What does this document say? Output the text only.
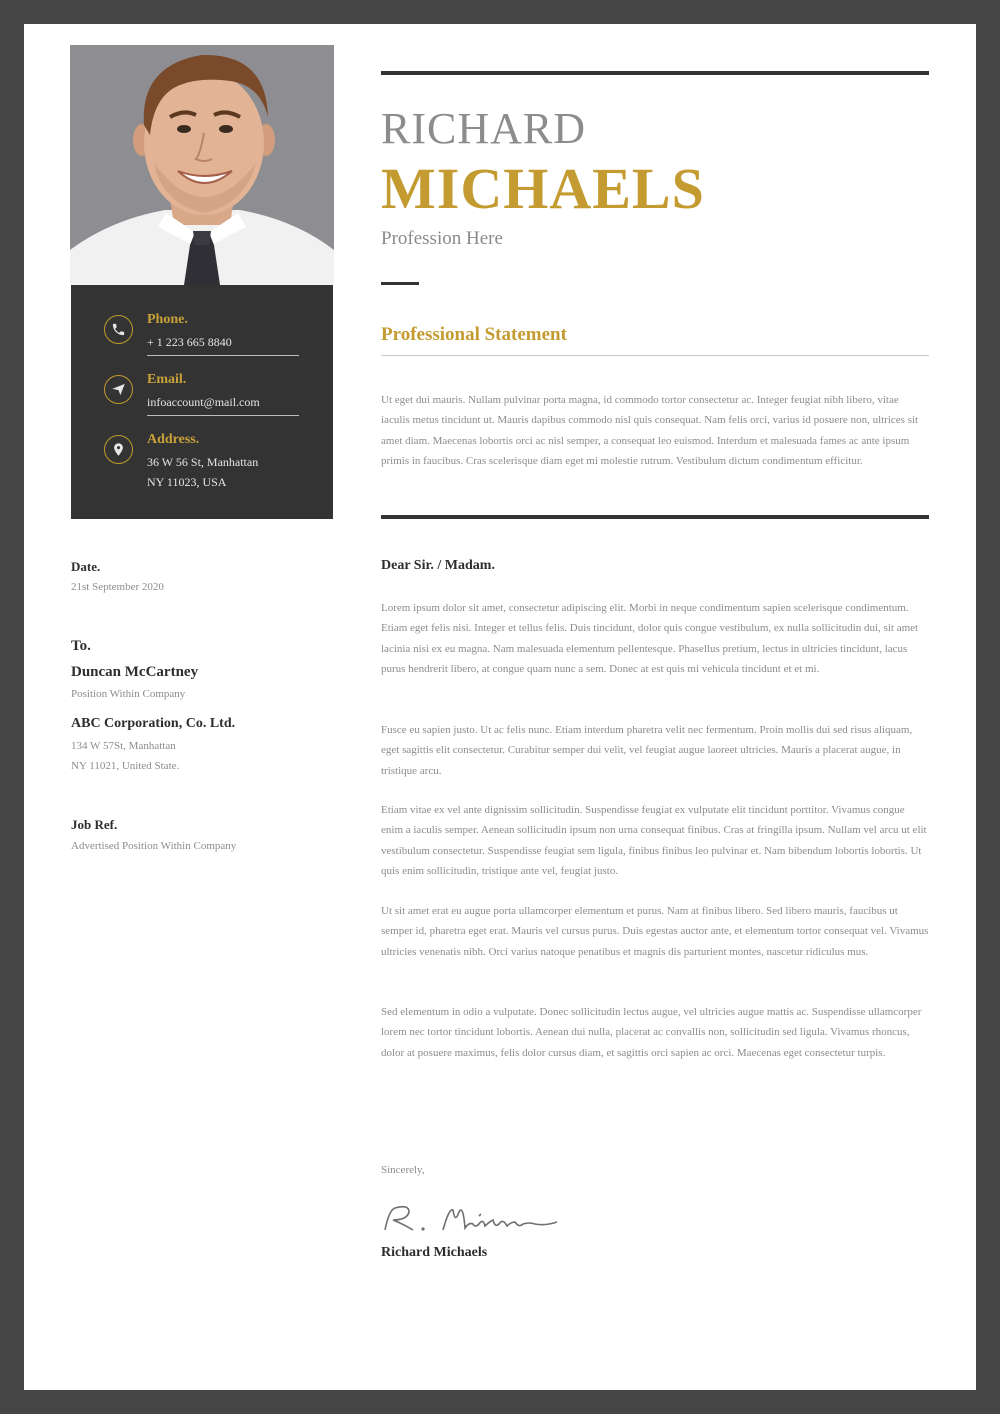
Phone.
+ 1 223 665 8840
Email.
infoaccount@mail.com
Address.
36 W 56 St, Manhattan
NY 11023, USA
RICHARD
MICHAELS
Profession Here
Professional Statement
Ut eget dui mauris. Nullam pulvinar porta magna, id commodo tortor consectetur ac. Integer feugiat nibh libero, vitae iaculis metus tincidunt ut. Mauris dapibus commodo nisl quis consequat. Nam felis orci, varius id posuere non, ultrices sit amet diam. Maecenas lobortis orci ac nisl semper, a consequat leo euismod. Interdum et malesuada fames ac ante ipsum primis in faucibus. Cras scelerisque diam eget mi molestie rutrum. Vestibulum dictum condimentum efficitur.
Date.
21st September 2020
To.
Duncan McCartney
Position Within Company
ABC Corporation, Co. Ltd.
134 W 57St, Manhattan
NY 11021, United State.
Job Ref.
Advertised Position Within Company
Dear Sir. / Madam.

Lorem ipsum dolor sit amet, consectetur adipiscing elit. Morbi in neque condimentum sapien scelerisque condimentum. Etiam eget felis nisi. Integer et tellus felis. Duis tincidunt, dolor quis congue vestibulum, ex nulla sollicitudin dui, sit amet lacinia nisi ex eu magna. Nam malesuada elementum pellentesque. Phasellus pretium, lectus in ultricies tincidunt, lacus purus hendrerit libero, at congue quam nunc a sem. Donec at est quis mi vehicula tincidunt et et mi.

Fusce eu sapien justo. Ut ac felis nunc. Etiam interdum pharetra velit nec fermentum. Proin mollis dui sed risus aliquam, eget sagittis elit consectetur. Curabitur semper dui velit, vel feugiat augue laoreet ultricies. Mauris a placerat augue, in tristique arcu.

Etiam vitae ex vel ante dignissim sollicitudin. Suspendisse feugiat ex vulputate elit tincidunt porttitor. Vivamus congue enim a iaculis semper. Aenean sollicitudin ipsum non urna consequat finibus. Cras at fringilla ipsum. Nullam vel arcu ut elit vestibulum consectetur. Suspendisse feugiat sem ligula, finibus finibus leo pulvinar et. Nam bibendum lobortis lobortis. Ut quis enim sollicitudin, tristique ante vel, feugiat justo.

Ut sit amet erat eu augue porta ullamcorper elementum et purus. Nam at finibus libero. Sed libero mauris, faucibus ut semper id, pharetra eget erat. Mauris vel cursus purus. Duis egestas auctor ante, et elementum tortor consequat vel. Vivamus ultricies venenatis nibh. Orci varius natoque penatibus et magnis dis parturient montes, nascetur ridiculus mus.

Sed elementum in odio a vulputate. Donec sollicitudin lectus augue, vel ultricies augue mattis ac. Suspendisse ullamcorper lorem nec tortor tincidunt lobortis. Aenean dui nulla, placerat ac convallis non, sollicitudin sed ligula. Vivamus rhoncus, dolor at posuere maximus, felis dolor cursus diam, et sagittis orci sapien ac orci. Maecenas eget consectetur turpis.

Sincerely,
Richard Michaels
